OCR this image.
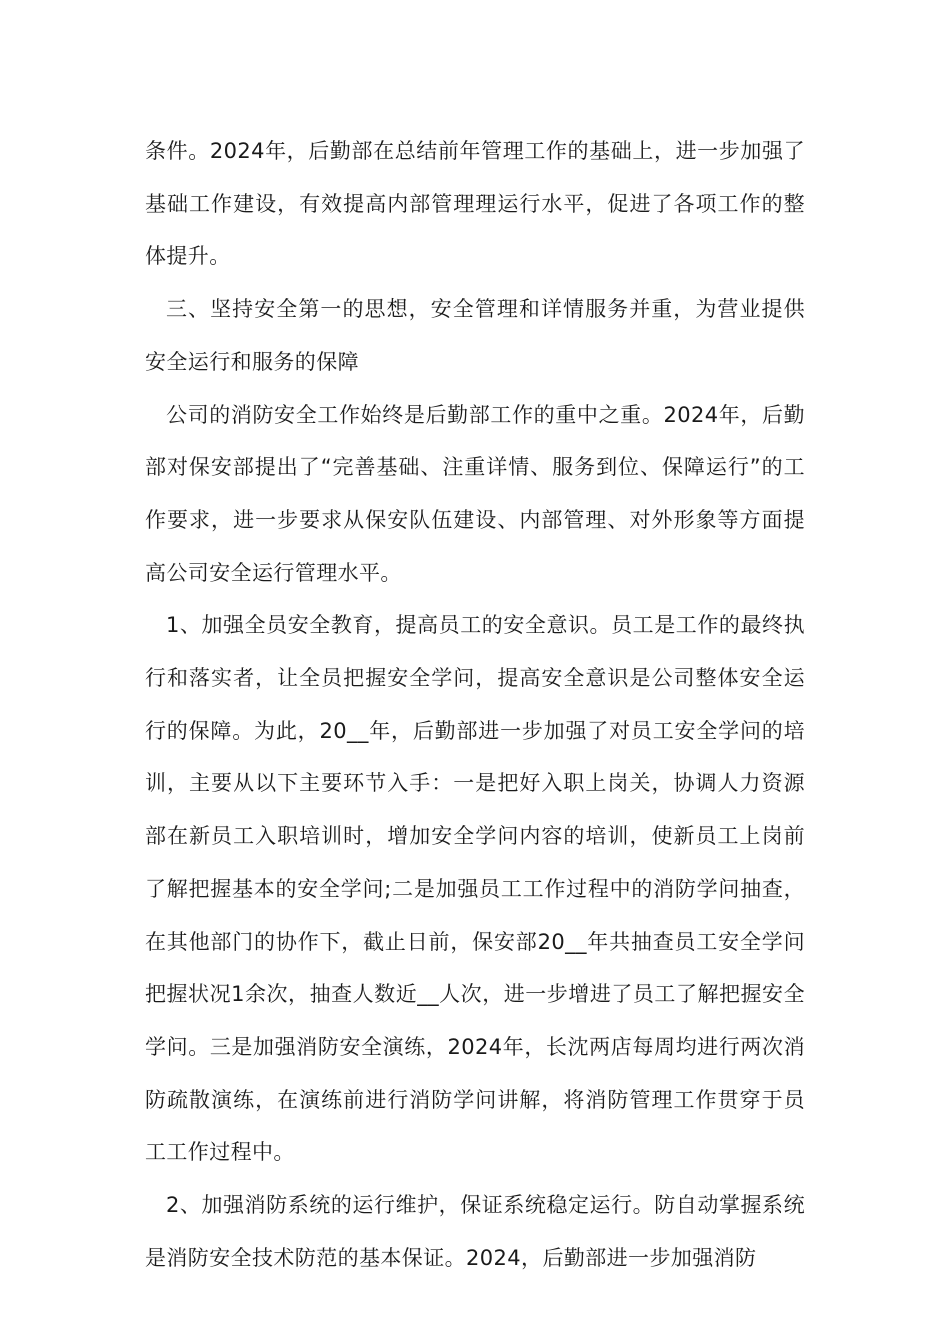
条件。2024年，后勤部在总结前年管理工作的基础上，进一步加强了基础工作建设，有效提高内部管理理运行水平，促进了各项工作的整体提升。

三、坚持安全第一的思想，安全管理和详情服务并重，为营业提供安全运行和服务的保障

公司的消防安全工作始终是后勤部工作的重中之重。2024年，后勤部对保安部提出了“完善基础、注重详情、服务到位、保障运行”的工作要求，进一步要求从保安队伍建设、内部管理、对外形象等方面提高公司安全运行管理水平。

1、加强全员安全教育，提高员工的安全意识。员工是工作的最终执行和落实者，让全员把握安全学问，提高安全意识是公司整体安全运行的保障。为此，20__年，后勤部进一步加强了对员工安全学问的培训，主要从以下主要环节入手：一是把好入职上岗关，协调人力资源部在新员工入职培训时，增加安全学问内容的培训，使新员工上岗前了解把握基本的安全学问;二是加强员工工作过程中的消防学问抽查，在其他部门的协作下，截止日前，保安部20__年共抽查员工安全学问把握状况1余次，抽查人数近__人次，进一步增进了员工了解把握安全学问。三是加强消防安全演练，2024年，长沈两店每周均进行两次消防疏散演练，在演练前进行消防学问讲解，将消防管理工作贯穿于员工工作过程中。

2、加强消防系统的运行维护，保证系统稳定运行。防自动掌握系统是消防安全技术防范的基本保证。2024，后勤部进一步加强消防
